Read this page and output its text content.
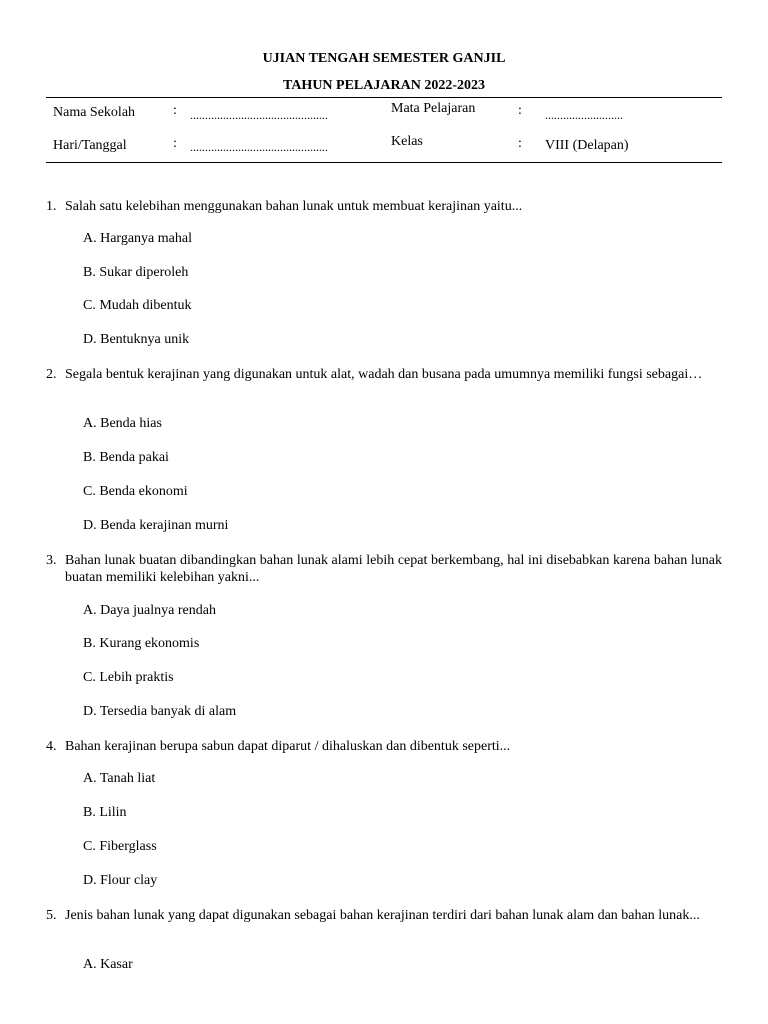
UJIAN TENGAH SEMESTER GANJIL
TAHUN PELAJARAN 2022-2023
Nama Sekolah	: ..............................................	Mata Pelajaran	: ..........................
Hari/Tanggal	: ..............................................	Kelas	: VIII (Delapan)
1. Salah satu kelebihan menggunakan bahan lunak untuk membuat kerajinan yaitu...
A. Harganya mahal
B. Sukar diperoleh
C. Mudah dibentuk
D. Bentuknya unik
2. Segala bentuk kerajinan yang digunakan untuk alat, wadah dan busana pada umumnya memiliki fungsi sebagai…
A. Benda hias
B. Benda pakai
C. Benda ekonomi
D. Benda kerajinan murni
3. Bahan lunak buatan dibandingkan bahan lunak alami lebih cepat berkembang, hal ini disebabkan karena bahan lunak buatan memiliki kelebihan yakni...
A. Daya jualnya rendah
B. Kurang ekonomis
C. Lebih praktis
D. Tersedia banyak di alam
4. Bahan kerajinan berupa sabun dapat diparut / dihaluskan dan dibentuk seperti...
A. Tanah liat
B. Lilin
C. Fiberglass
D. Flour clay
5. Jenis bahan lunak yang dapat digunakan sebagai bahan kerajinan terdiri dari bahan lunak alam dan bahan lunak...
A. Kasar
